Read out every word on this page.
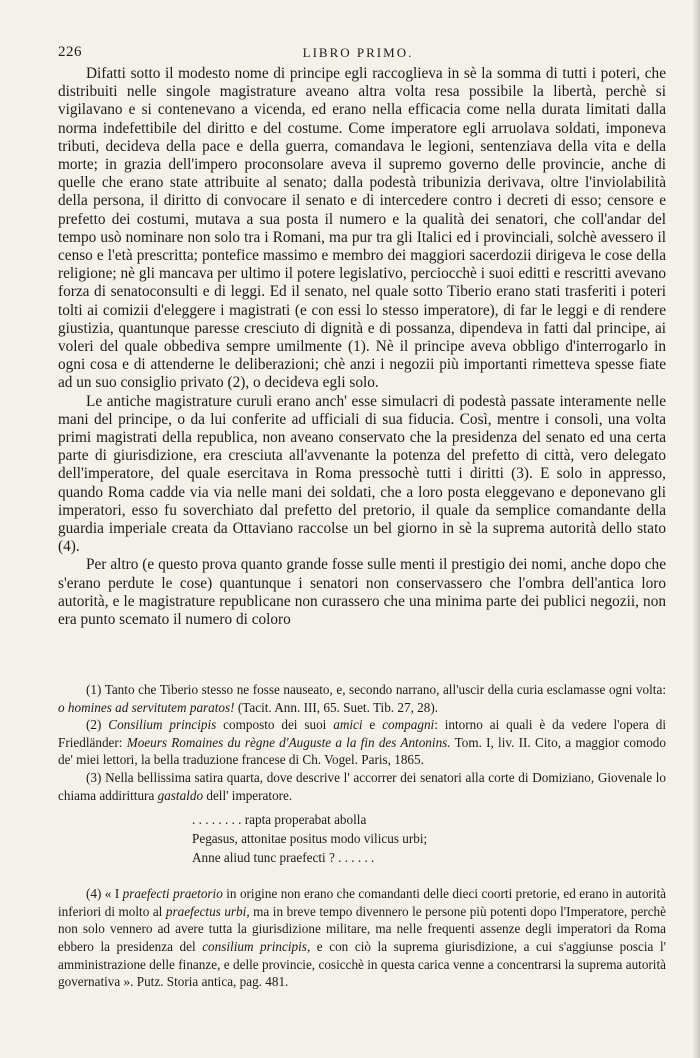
226	LIBRO PRIMO.

Difatti sotto il modesto nome di principe egli raccoglieva in sè la somma di tutti i poteri, che distribuiti nelle singole magistrature aveano altra volta resa possibile la libertà, perchè si vigilavano e si contenevano a vicenda, ed erano nella efficacia come nella durata limitati dalla norma indefettibile del diritto e del costume. Come imperatore egli arruolava soldati, imponeva tributi, decideva della pace e della guerra, comandava le legioni, sentenziava della vita e della morte; in grazia dell'impero proconsolare aveva il supremo governo delle provincie, anche di quelle che erano state attribuite al senato; dalla podestà tribunizia derivava, oltre l'inviolabilità della persona, il diritto di convocare il senato e di intercedere contro i decreti di esso; censore e prefetto dei costumi, mutava a sua posta il numero e la qualità dei senatori, che coll'andar del tempo usò nominare non solo tra i Romani, ma pur tra gli Italici ed i provinciali, solchè avessero il censo e l'età prescritta; pontefice massimo e membro dei maggiori sacerdozii dirigeva le cose della religione; nè gli mancava per ultimo il potere legislativo, perciocchè i suoi editti e rescritti avevano forza di senatoconsulti e di leggi. Ed il senato, nel quale sotto Tiberio erano stati trasferiti i poteri tolti ai comizii d'eleggere i magistrati (e con essi lo stesso imperatore), di far le leggi e di rendere giustizia, quantunque paresse cresciuto di dignità e di possanza, dipendeva in fatti dal principe, ai voleri del quale obbediva sempre umilmente (1). Nè il principe aveva obbligo d'interrogarlo in ogni cosa e di attenderne le deliberazioni; chè anzi i negozii più importanti rimetteva spesse fiate ad un suo consiglio privato (2), o decideva egli solo.

Le antiche magistrature curuli erano anch' esse simulacri di podestà passate interamente nelle mani del principe, o da lui conferite ad ufficiali di sua fiducia. Così, mentre i consoli, una volta primi magistrati della republica, non aveano conservato che la presidenza del senato ed una certa parte di giurisdizione, era cresciuta all'avvenante la potenza del prefetto di città, vero delegato dell'imperatore, del quale esercitava in Roma pressochè tutti i diritti (3). E solo in appresso, quando Roma cadde via via nelle mani dei soldati, che a loro posta eleggevano e deponevano gli imperatori, esso fu soverchiato dal prefetto del pretorio, il quale da semplice comandante della guardia imperiale creata da Ottaviano raccolse un bel giorno in sè la suprema autorità dello stato (4).

Per altro (e questo prova quanto grande fosse sulle menti il prestigio dei nomi, anche dopo che s'erano perdute le cose) quantunque i senatori non conservassero che l'ombra dell'antica loro autorità, e le magistrature republicane non curassero che una minima parte dei publici negozii, non era punto scemato il numero di coloro

(1) Tanto che Tiberio stesso ne fosse nauseato, e, secondo narrano, all'uscir della curia esclamasse ogni volta: o homines ad servitutem paratos! (Tacit. Ann. III, 65. Suet. Tib. 27, 28).

(2) Consilium principis composto dei suoi amici e compagni: intorno ai quali è da vedere l'opera di Friedländer: Moeurs Romaines du règne d'Auguste a la fin des Antonins. Tom. I, liv. II. Cito, a maggior comodo de' miei lettori, la bella traduzione francese di Ch. Vogel. Paris, 1865.

(3) Nella bellissima satira quarta, dove descrive l' accorrer dei senatori alla corte di Domiziano, Giovenale lo chiama addirittura gastaldo dell' imperatore.

. . . . . . . . rapta properabat abolla
Pegasus, attonitae positus modo vilicus urbi;
Anne aliud tunc praefecti ? . . . . . .

(4) « I praefecti praetorio in origine non erano che comandanti delle dieci coorti pretorie, ed erano in autorità inferiori di molto al praefectus urbi, ma in breve tempo divennero le persone più potenti dopo l'Imperatore, perchè non solo vennero ad avere tutta la giurisdizione militare, ma nelle frequenti assenze degli imperatori da Roma ebbero la presidenza del consilium principis, e con ciò la suprema giurisdizione, a cui s'aggiunse poscia l' amministrazione delle finanze, e delle provincie, cosicchè in questa carica venne a concentrarsi la suprema autorità governativa ». Putz. Storia antica, pag. 481.
